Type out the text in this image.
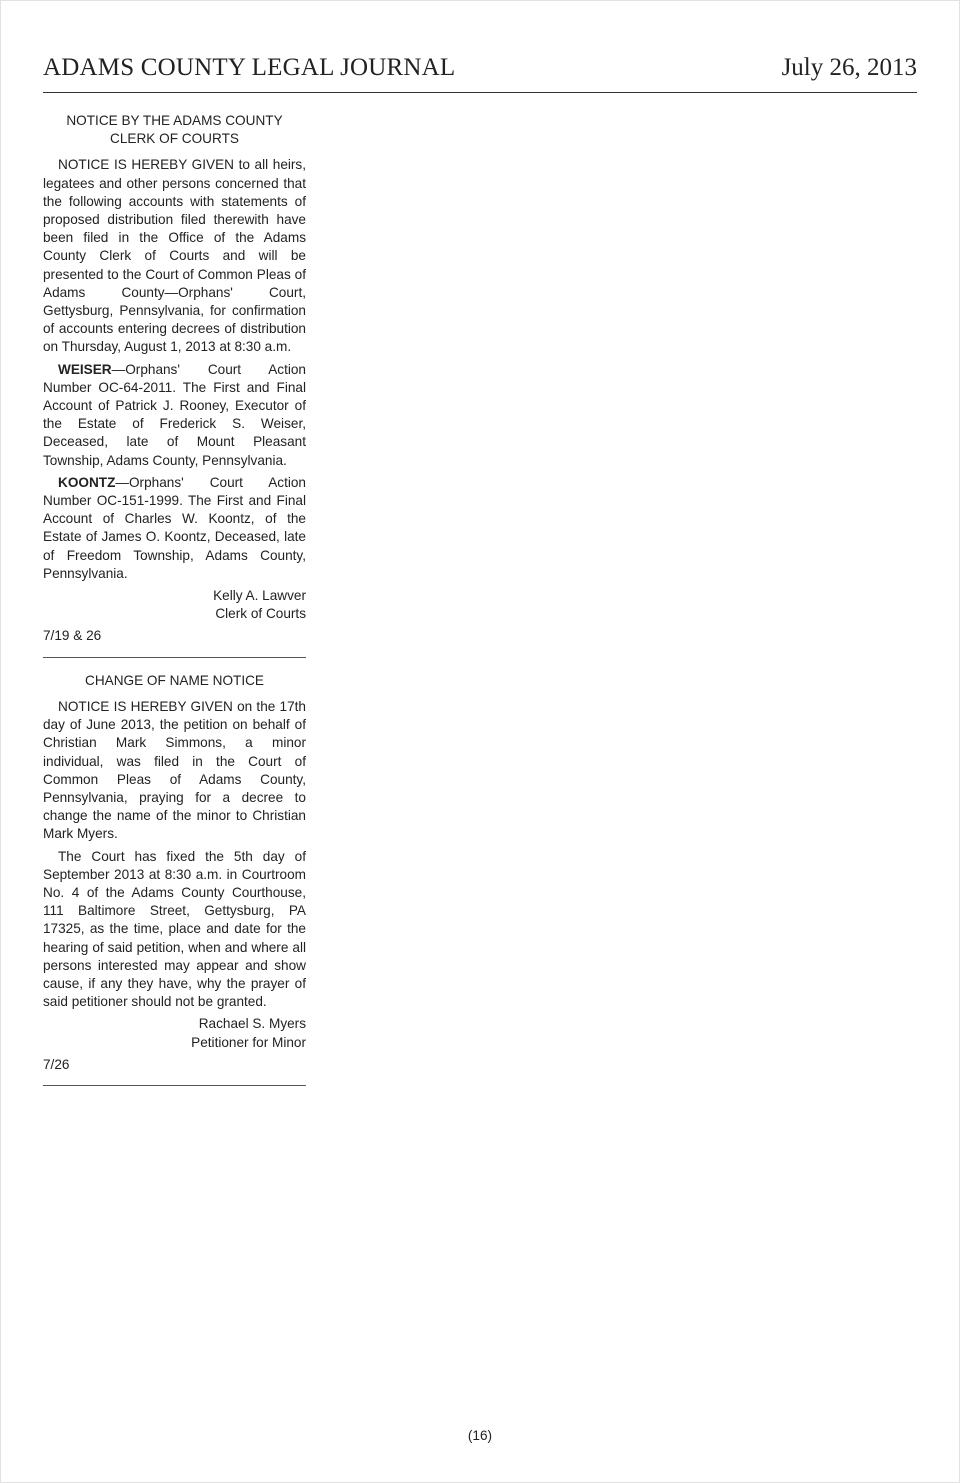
ADAMS COUNTY LEGAL JOURNAL	July 26, 2013
NOTICE BY THE ADAMS COUNTY
CLERK OF COURTS

NOTICE IS HEREBY GIVEN to all heirs, legatees and other persons concerned that the following accounts with statements of proposed distribution filed therewith have been filed in the Office of the Adams County Clerk of Courts and will be presented to the Court of Common Pleas of Adams County—Orphans' Court, Gettysburg, Pennsylvania, for confirmation of accounts entering decrees of distribution on Thursday, August 1, 2013 at 8:30 a.m.

WEISER—Orphans' Court Action Number OC-64-2011. The First and Final Account of Patrick J. Rooney, Executor of the Estate of Frederick S. Weiser, Deceased, late of Mount Pleasant Township, Adams County, Pennsylvania.

KOONTZ—Orphans' Court Action Number OC-151-1999. The First and Final Account of Charles W. Koontz, of the Estate of James O. Koontz, Deceased, late of Freedom Township, Adams County, Pennsylvania.

Kelly A. Lawver

Clerk of Courts

7/19 & 26

CHANGE OF NAME NOTICE

NOTICE IS HEREBY GIVEN on the 17th day of June 2013, the petition on behalf of Christian Mark Simmons, a minor individual, was filed in the Court of Common Pleas of Adams County, Pennsylvania, praying for a decree to change the name of the minor to Christian Mark Myers.

The Court has fixed the 5th day of September 2013 at 8:30 a.m. in Courtroom No. 4 of the Adams County Courthouse, 111 Baltimore Street, Gettysburg, PA 17325, as the time, place and date for the hearing of said petition, when and where all persons interested may appear and show cause, if any they have, why the prayer of said petitioner should not be granted.

Rachael S. Myers

Petitioner for Minor

7/26

(16)
